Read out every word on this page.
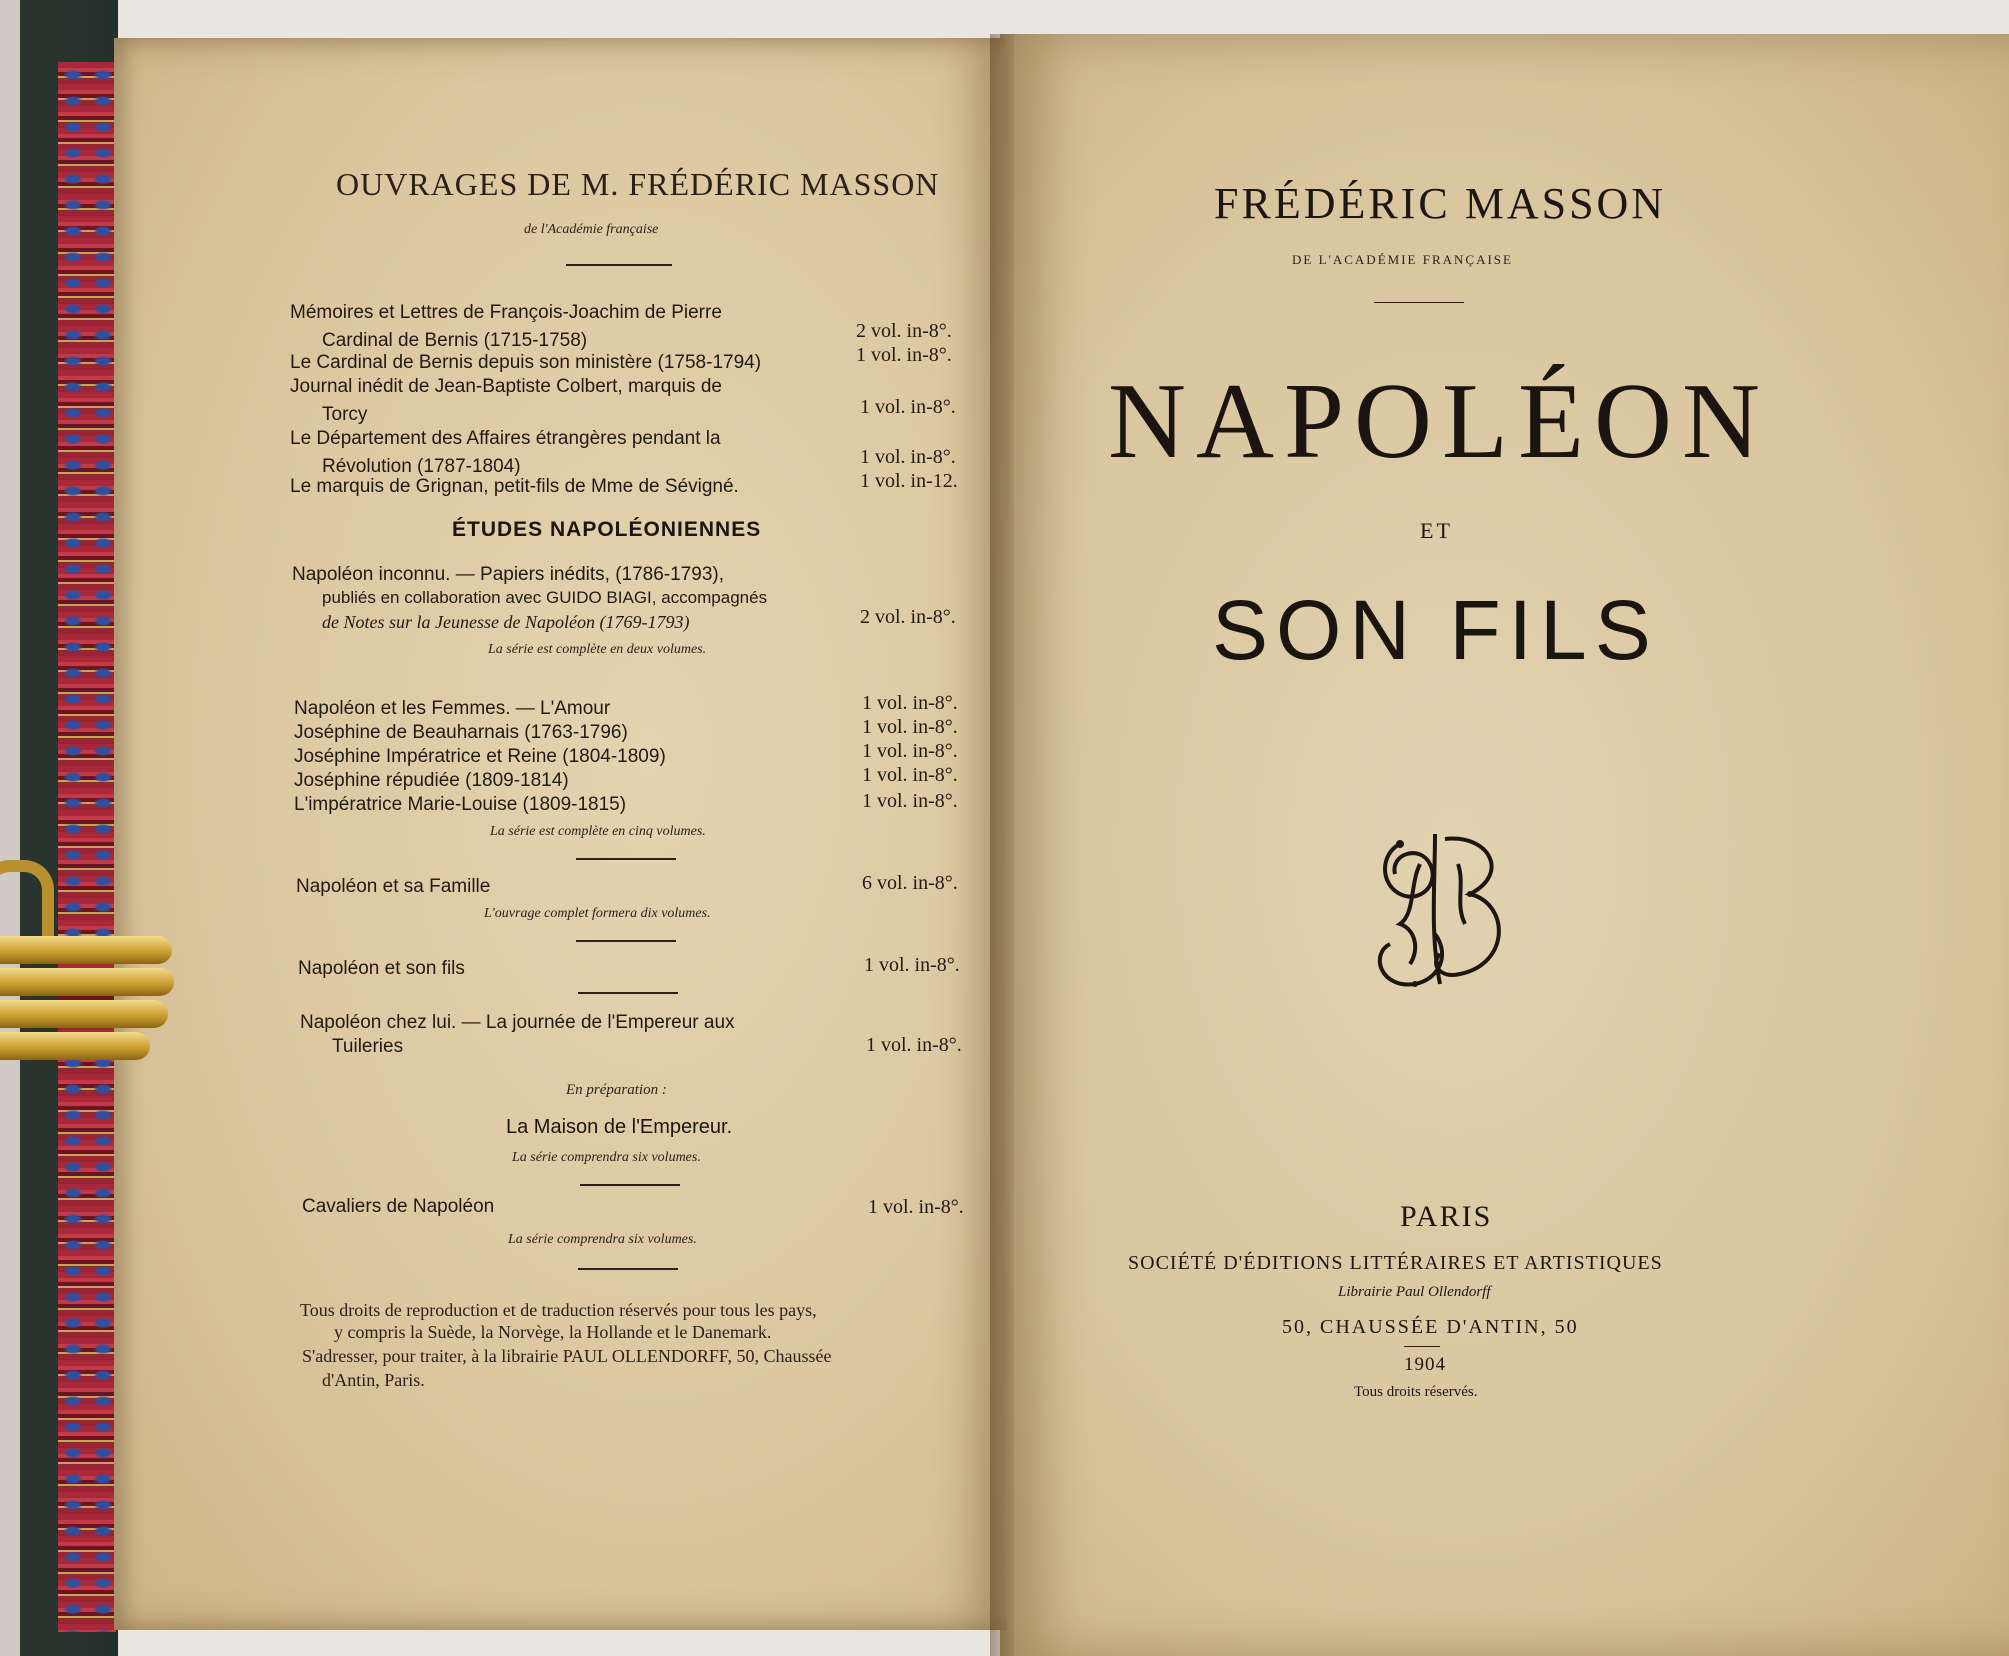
OUVRAGES DE M. FRÉDÉRIC MASSON
de l'Académie française
Mémoires et Lettres de François-Joachim de Pierre
Cardinal de Bernis (1715-1758)	2 vol. in-8°.
Le Cardinal de Bernis depuis son ministère (1758-1794)	1 vol. in-8°.
Journal inédit de Jean-Baptiste Colbert, marquis de
Torcy	1 vol. in-8°.
Le Département des Affaires étrangères pendant la
Révolution (1787-1804)	1 vol. in-8°.
Le marquis de Grignan, petit-fils de Mme de Sévigné.	1 vol. in-12.
ÉTUDES NAPOLÉONIENNES
Napoléon inconnu. — Papiers inédits, (1786-1793),
publiés en collaboration avec GUIDO BIAGI, accompagnés
de Notes sur la Jeunesse de Napoléon (1769-1793)	2 vol. in-8°.
La série est complète en deux volumes.
Napoléon et les Femmes. — L'Amour	1 vol. in-8°.
Joséphine de Beauharnais (1763-1796)	1 vol. in-8°.
Joséphine Impératrice et Reine (1804-1809)	1 vol. in-8°.
Joséphine répudiée (1809-1814)	1 vol. in-8°.
L'impératrice Marie-Louise (1809-1815)	1 vol. in-8°.
La série est complète en cinq volumes.
Napoléon et sa Famille	6 vol. in-8°.
L'ouvrage complet formera dix volumes.
Napoléon et son fils	1 vol. in-8°.
Napoléon chez lui. — La journée de l'Empereur aux
Tuileries	1 vol. in-8°.
En préparation :
La Maison de l'Empereur.
La série comprendra six volumes.
Cavaliers de Napoléon	1 vol. in-8°.
La série comprendra six volumes.
Tous droits de reproduction et de traduction réservés pour tous les pays,
y compris la Suède, la Norvège, la Hollande et le Danemark.
S'adresser, pour traiter, à la librairie PAUL OLLENDORFF, 50, Chaussée
d'Antin, Paris.
FRÉDÉRIC MASSON
DE L'ACADÉMIE FRANÇAISE
NAPOLÉON
ET
SON FILS
PARIS
SOCIÉTÉ D'ÉDITIONS LITTÉRAIRES ET ARTISTIQUES
Librairie Paul Ollendorff
50, CHAUSSÉE D'ANTIN, 50
1904
Tous droits réservés.
